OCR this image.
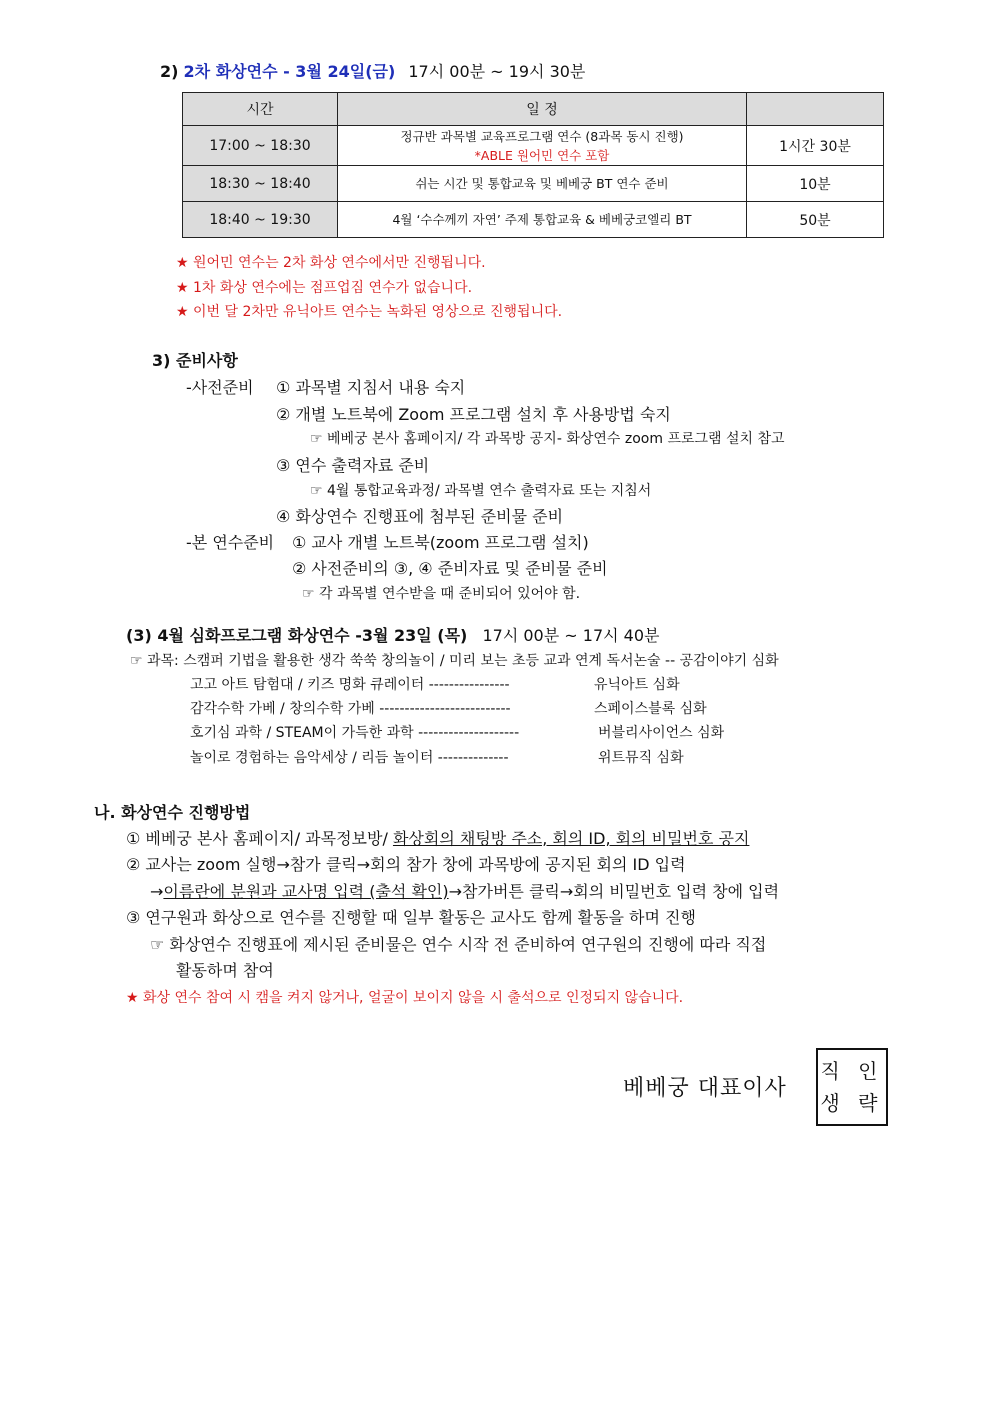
2) 2차 화상연수 - 3월 24일(금) 17시 00분 ~ 19시 30분
시간	일 정	
17:00 ~ 18:30	정규반 과목별 교육프로그램 연수 (8과목 동시 진행)
*ABLE 원어민 연수 포함	1시간 30분
18:30 ~ 18:40	쉬는 시간 및 통합교육 및 베베궁 BT 연수 준비	10분
18:40 ~ 19:30	4월 ‘수수께끼 자연’ 주제 통합교육 & 베베궁코엘리 BT	50분
★ 원어민 연수는 2차 화상 연수에서만 진행됩니다.
★ 1차 화상 연수에는 점프업짐 연수가 없습니다.
★ 이번 달 2차만 유닉아트 연수는 녹화된 영상으로 진행됩니다.
3) 준비사항
-사전준비 ① 과목별 지침서 내용 숙지
② 개별 노트북에 Zoom 프로그램 설치 후 사용방법 숙지
☞ 베베궁 본사 홈페이지/ 각 과목방 공지- 화상연수 zoom 프로그램 설치 참고
③ 연수 출력자료 준비
☞ 4월 통합교육과정/ 과목별 연수 출력자료 또는 지침서
④ 화상연수 진행표에 첨부된 준비물 준비
-본 연수준비 ① 교사 개별 노트북(zoom 프로그램 설치)
② 사전준비의 ③, ④ 준비자료 및 준비물 준비
☞ 각 과목별 연수받을 때 준비되어 있어야 함.
(3) 4월 심화프로그램 화상연수 -3월 23일 (목) 17시 00분 ~ 17시 40분
☞ 과목: 스캠퍼 기법을 활용한 생각 쑥쑥 창의놀이 / 미리 보는 초등 교과 연계 독서논술 -- 공감이야기 심화
고고 아트 탐험대 / 키즈 명화 큐레이터 ----------------	유닉아트 심화
감각수학 가베 / 창의수학 가베 --------------------------	스페이스블록 심화
호기심 과학 / STEAM이 가득한 과학 --------------------	버블리사이언스 심화
놀이로 경험하는 음악세상 / 리듬 놀이터 --------------	위트뮤직 심화
나. 화상연수 진행방법
① 베베궁 본사 홈페이지/ 과목정보방/ 화상회의 채팅방 주소, 회의 ID, 회의 비밀번호 공지
② 교사는 zoom 실행→참가 클릭→회의 참가 창에 과목방에 공지된 회의 ID 입력
→이름란에 분원과 교사명 입력 (출석 확인)→참가버튼 클릭→회의 비밀번호 입력 창에 입력
③ 연구원과 화상으로 연수를 진행할 때 일부 활동은 교사도 함께 활동을 하며 진행
☞ 화상연수 진행표에 제시된 준비물은 연수 시작 전 준비하여 연구원의 진행에 따라 직접
활동하며 참여
★ 화상 연수 참여 시 캠을 켜지 않거나, 얼굴이 보이지 않을 시 출석으로 인정되지 않습니다.
베베궁 대표이사
직 인
생 략
